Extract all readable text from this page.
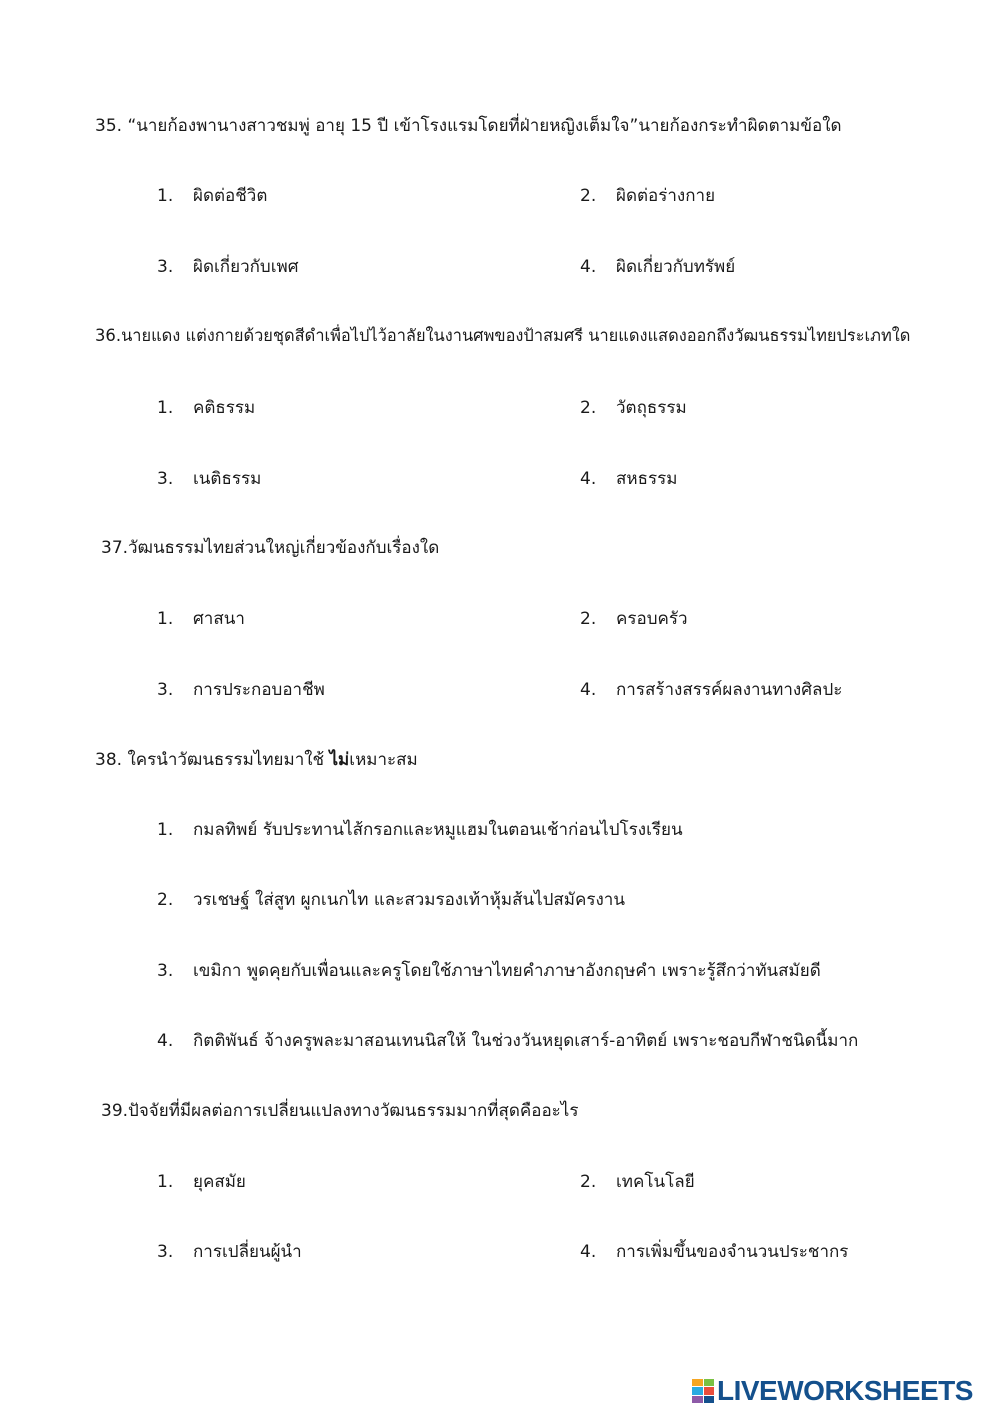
35. “นายก้องพานางสาวชมพู่ อายุ 15 ปี เข้าโรงแรมโดยที่ฝ่ายหญิงเต็มใจ”นายก้องกระทำผิดตามข้อใด
1. ผิดต่อชีวิต	2. ผิดต่อร่างกาย
3. ผิดเกี่ยวกับเพศ	4. ผิดเกี่ยวกับทรัพย์
36.นายแดง แต่งกายด้วยชุดสีดำเพื่อไปไว้อาลัยในงานศพของป้าสมศรี นายแดงแสดงออกถึงวัฒนธรรมไทยประเภทใด
1. คติธรรม	2. วัตถุธรรม
3. เนติธรรม	4.สหธรรม
37.วัฒนธรรมไทยส่วนใหญ่เกี่ยวข้องกับเรื่องใด
1. ศาสนา	2. ครอบครัว
3. การประกอบอาชีพ	4. การสร้างสรรค์ผลงานทางศิลปะ
38. ใครนำวัฒนธรรมไทยมาใช้ ไม่เหมาะสม
1. กมลทิพย์ รับประทานไส้กรอกและหมูแฮมในตอนเช้าก่อนไปโรงเรียน
2. วรเชษฐ์ ใส่สูท ผูกเนกไท และสวมรองเท้าหุ้มส้นไปสมัครงาน
3. เขมิกา พูดคุยกับเพื่อนและครูโดยใช้ภาษาไทยคำภาษาอังกฤษคำ เพราะรู้สึกว่าทันสมัยดี
4.กิตติพันธ์ จ้างครูพละมาสอนเทนนิสให้ ในช่วงวันหยุดเสาร์-อาทิตย์ เพราะชอบกีฬาชนิดนี้มาก
39.ปัจจัยที่มีผลต่อการเปลี่ยนแปลงทางวัฒนธรรมมากที่สุดคืออะไร
1. ยุคสมัย	2. เทคโนโลยี
3. การเปลี่ยนผู้นำ	4. การเพิ่มขึ้นของจำนวนประชากร
LIVEWORKSHEETS
